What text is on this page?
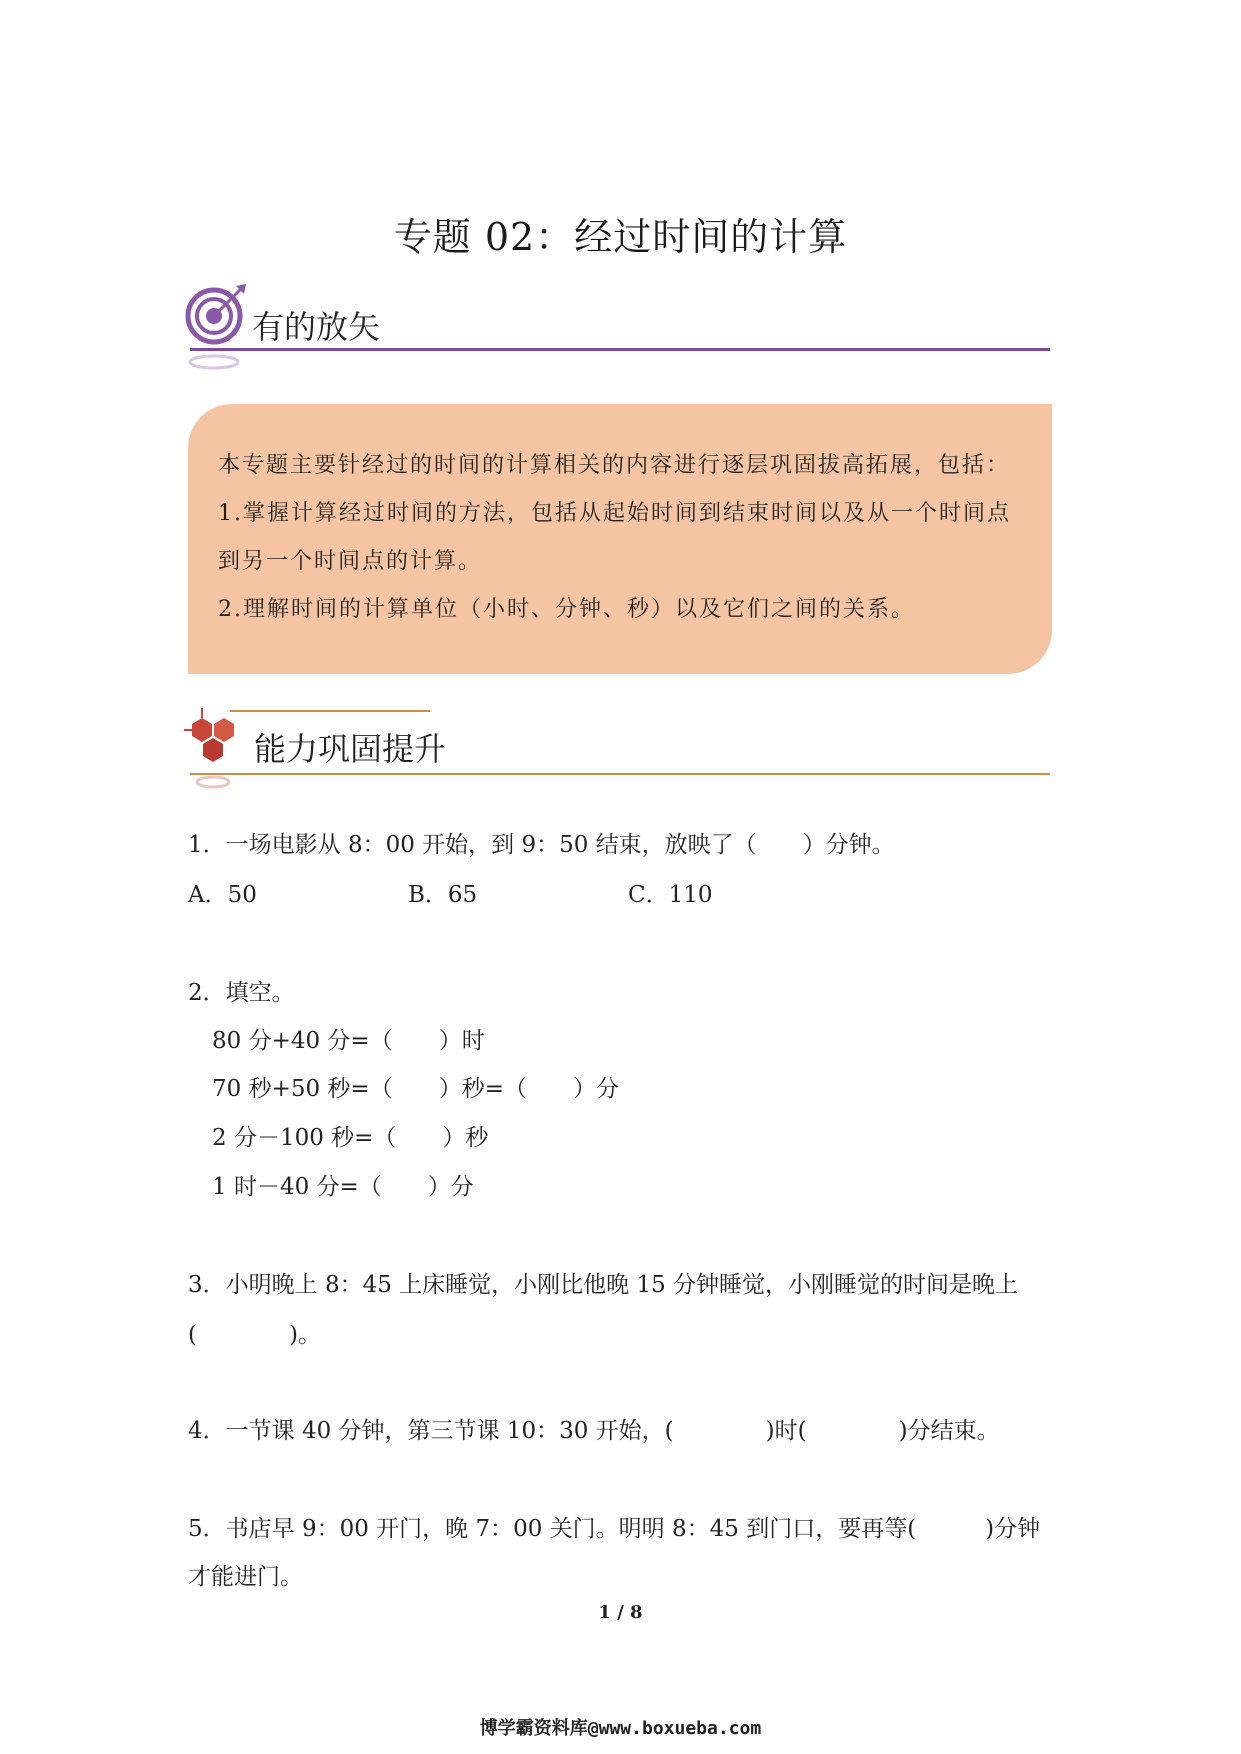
专题 02：经过时间的计算
有的放矢

本专题主要针经过的时间的计算相关的内容进行逐层巩固拔高拓展，包括：

1.掌握计算经过时间的方法，包括从起始时间到结束时间以及从一个时间点

到另一个时间点的计算。

2.理解时间的计算单位（小时、分钟、秒）以及它们之间的关系。

能力巩固提升
1．一场电影从 8：00 开始，到 9：50 结束，放映了（　　）分钟。
A．50	B．65	C．110
2．填空。
80 分+40 分=（　　）时
70 秒+50 秒=（　　）秒=（　　）分
2 分－100 秒=（　　）秒
1 时－40 分=（　　）分
3．小明晚上 8：45 上床睡觉，小刚比他晚 15 分钟睡觉，小刚睡觉的时间是晚上
(　　　　)。
4．一节课 40 分钟，第三节课 10：30 开始，(　　　　)时(　　　　)分结束。
5．书店早 9：00 开门，晚 7：00 关门。明明 8：45 到门口，要再等(　　　)分钟
才能进门。
1 / 8
博学霸资料库@www.boxueba.com
